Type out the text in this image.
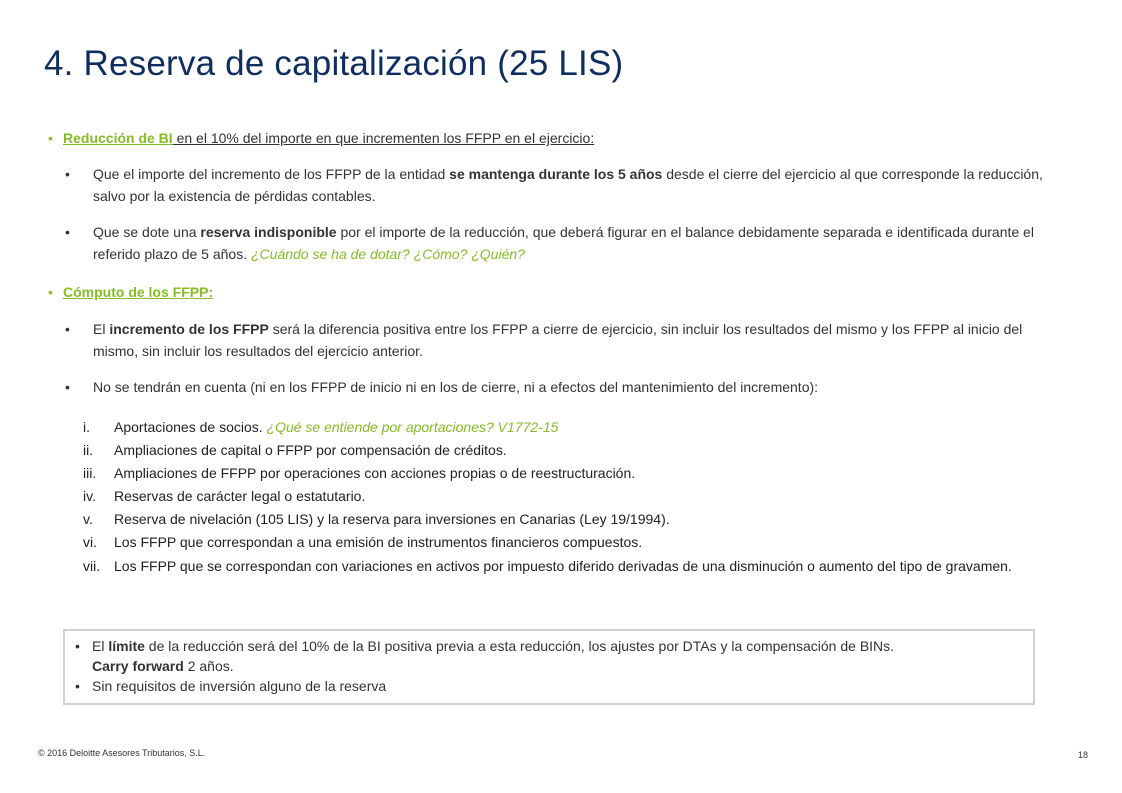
4. Reserva de capitalización (25 LIS)
• Reducción de BI en el 10% del importe en que incrementen los FFPP en el ejercicio:
• Que el importe del incremento de los FFPP de la entidad se mantenga durante los 5 años desde el cierre del ejercicio al que corresponde la reducción, salvo por la existencia de pérdidas contables.
• Que se dote una reserva indisponible por el importe de la reducción, que deberá figurar en el balance debidamente separada e identificada durante el referido plazo de 5 años. ¿Cuándo se ha de dotar? ¿Cómo? ¿Quién?
• Cómputo de los FFPP:
• El incremento de los FFPP será la diferencia positiva entre los FFPP a cierre de ejercicio, sin incluir los resultados del mismo y los FFPP al inicio del mismo, sin incluir los resultados del ejercicio anterior.
• No se tendrán en cuenta (ni en los FFPP de inicio ni en los de cierre, ni a efectos del mantenimiento del incremento):
i. Aportaciones de socios. ¿Qué se entiende por aportaciones? V1772-15
ii. Ampliaciones de capital o FFPP por compensación de créditos.
iii. Ampliaciones de FFPP por operaciones con acciones propias o de reestructuración.
iv. Reservas de carácter legal o estatutario.
v. Reserva de nivelación (105 LIS) y la reserva para inversiones en Canarias (Ley 19/1994).
vi. Los FFPP que correspondan a una emisión de instrumentos financieros compuestos.
vii. Los FFPP que se correspondan con variaciones en activos por impuesto diferido derivadas de una disminución o aumento del tipo de gravamen.
• El límite de la reducción será del 10% de la BI positiva previa a esta reducción, los ajustes por DTAs y la compensación de BINs.
Carry forward 2 años.
• Sin requisitos de inversión alguno de la reserva
© 2016 Deloitte Asesores Tributarios, S.L.	18
